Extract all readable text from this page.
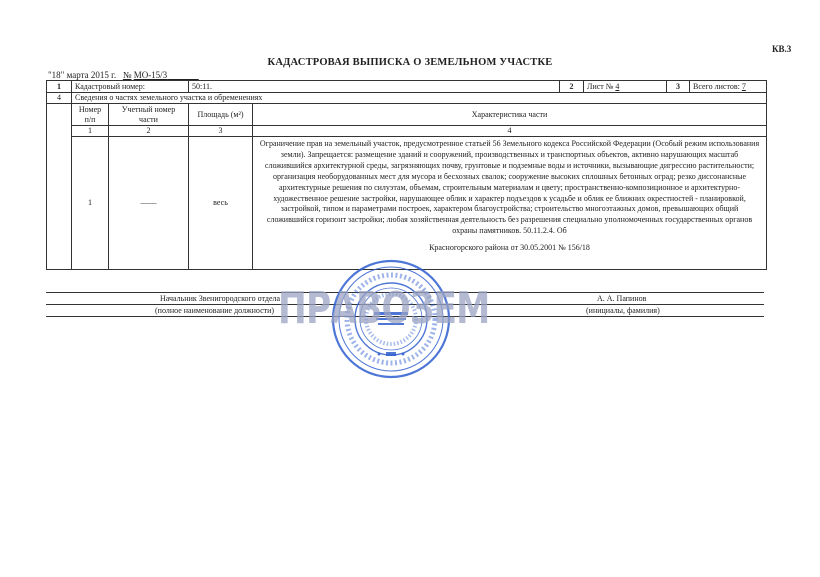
КВ.3
КАДАСТРОВАЯ ВЫПИСКА О ЗЕМЕЛЬНОМ УЧАСТКЕ
"18" марта 2015 г. № МО-15/3
1	Кадастровый номер:		50:11.		2	Лист № 4	3	Всего листов: 7
4	Сведения о частях земельного участка и обременениях							
	Номер п/п	Учетный номер части	Площадь (м²)	Характеристика части				
	1	2	3	4				
	1	——	весь	Ограничение прав на земельный участок, предусмотренное статьей 56 Земельного кодекса Российской Федерации (Особый режим использования земли). Запрещается: размещение зданий и сооружений, производственных и транспортных объектов, активно нарушающих масштаб сложившийся архитектурной среды, загрязняющих почву, грунтовые и подземные воды и источники, вызывающие дигрессию растительности; организация необорудованных мест для мусора и бесхозных свалок; сооружение высоких сплошных бетонных оград; резко диссонансные архитектурные решения по силуэтам, объемам, строительным материалам и цвету; пространственно-композиционное и архитектурно-художественное решение застройки, нарушающее облик и характер подъездов к усадьбе и облик ее ближних окрестностей - планировкой, застройкой, типом и параметрами построек, характером благоустройства; строительство многоэтажных домов, превышающих общий сложившийся горизонт застройки; любая хозяйственная деятельность без разрешения специально уполномоченных государственных органов охраны памятников. 50.11.2.4. Об
Красногорского района от 30.05.2001 № 156/18				
Начальник Звенигородского отдела	А. А. Папинов
(полное наименование должности)	(инициалы, фамилия)
ПРАВОЗЕМ
